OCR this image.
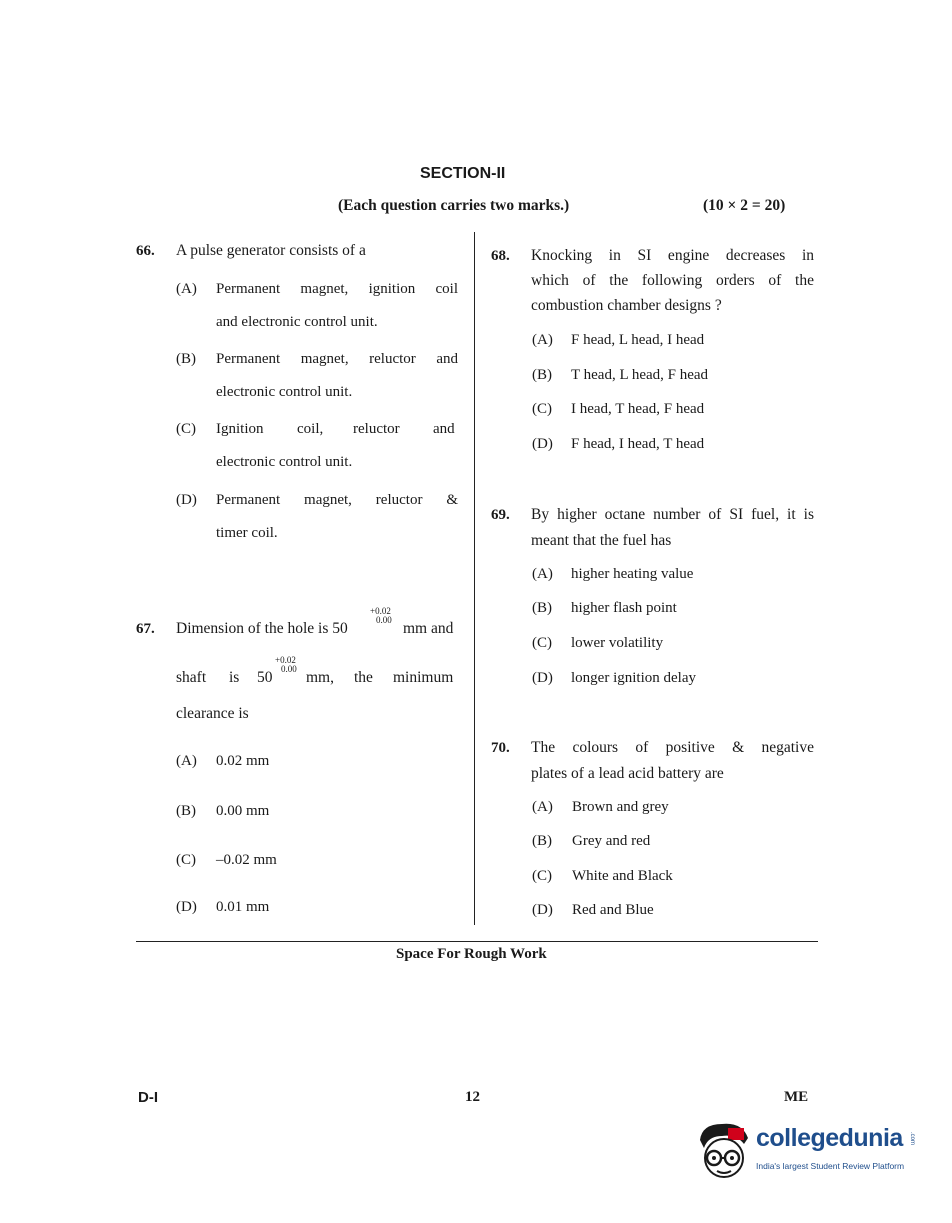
SECTION-II
(Each question carries two marks.)	(10 × 2 = 20)
66. A pulse generator consists of a
(A) Permanent magnet, ignition coil
and electronic control unit.
(B) Permanent magnet, reluctor and
electronic control unit.
(C) Ignition coil, reluctor and
electronic control unit.
(D) Permanent magnet, reluctor &
timer coil.
67. Dimension of the hole is 50
+0.02
0.00 mm and
shaft is 50
+0.02
0.00 mm, the minimum
clearance is
(A) 0.02 mm
(B) 0.00 mm
(C) –0.02 mm
(D) 0.01 mm
68. Knocking in SI engine decreases in
which of the following orders of the
combustion chamber designs ?
(A) F head, L head, I head
(B) T head, L head, F head
(C) I head, T head, F head
(D) F head, I head, T head
69. By higher octane number of SI fuel, it is
meant that the fuel has
(A) higher heating value
(B) higher flash point
(C) lower volatility
(D) longer ignition delay
70. The colours of positive & negative
plates of a lead acid battery are
(A) Brown and grey
(B) Grey and red
(C) White and Black
(D) Red and Blue
Space For Rough Work
D-I	12	ME
collegedunia .com
India's largest Student Review Platform
